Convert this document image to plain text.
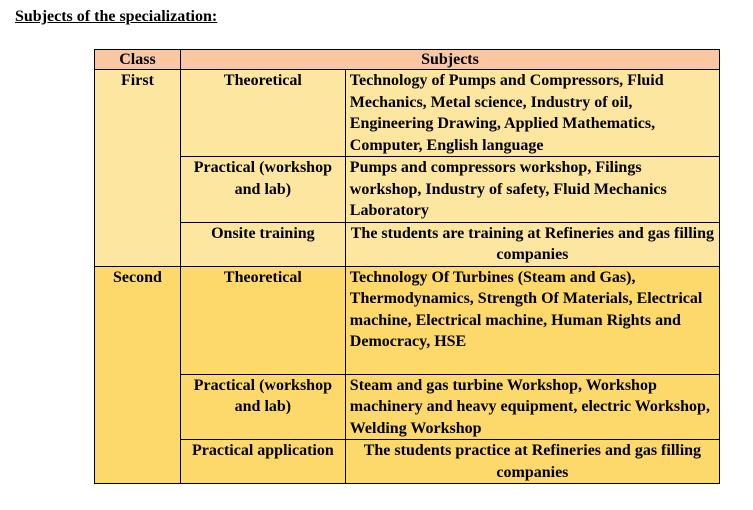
Subjects of the specialization:

Class	Subjects	
First	Theoretical	Technology of Pumps and Compressors, Fluid Mechanics, Metal science, Industry of oil, Engineering Drawing, Applied Mathematics, Computer, English language
	Practical (workshop and lab)	Pumps and compressors workshop, Filings workshop, Industry of safety, Fluid Mechanics Laboratory
	Onsite training	The students are training at Refineries and gas filling companies
Second	Theoretical	Technology Of Turbines (Steam and Gas), Thermodynamics, Strength Of Materials, Electrical machine, Electrical machine, Human Rights and Democracy, HSE
	Practical (workshop and lab)	Steam and gas turbine Workshop, Workshop machinery and heavy equipment, electric Workshop, Welding Workshop
	Practical application	The students practice at Refineries and gas filling companies
